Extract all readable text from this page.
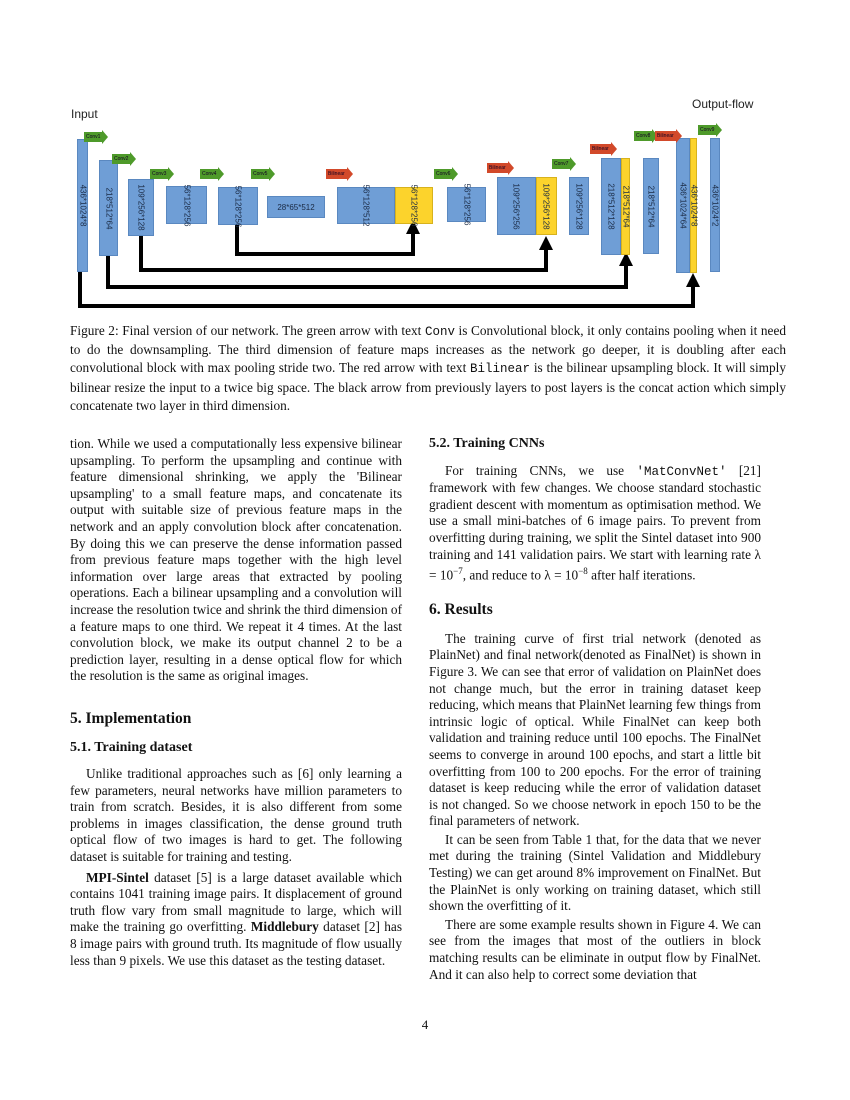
Input
Output-flow
436*1024*8 218*512*64	109*256*128	56*128*256	56*128*256	28*65*512	56*128*512	56*128*256	56*128*256	109*256*256	109*256*128	109*256*128	218*512*128 218*512*64 218*512*64	436*1024*64 436*1024*8 436*1024*2
Conv1
Conv2
Conv3	Conv4	Conv5	Bilinear	Conv6
Bilinear
Conv7
Bilinear
Conv8	Bilinear
Conv9
Figure 2: Final version of our network. The green arrow with text Conv is Convolutional block, it only contains pooling when it need to do the downsampling. The third dimension of feature maps increases as the network go deeper, it is doubling after each convolutional block with max pooling stride two. The red arrow with text Bilinear is the bilinear upsampling block. It will simply bilinear resize the input to a twice big space. The black arrow from previously layers to post layers is the concat action which simply concatenate two layer in third dimension.

tion. While we used a computationally less expensive bilinear upsampling. To perform the upsampling and continue with feature dimensional shrinking, we apply the 'Bilinear upsampling' to a small feature maps, and concatenate its output with suitable size of previous feature maps in the network and an apply convolution block after concatenation. By doing this we can preserve the dense information passed from previous feature maps together with the high level information over large areas that extracted by pooling operations. Each a bilinear upsampling and a convolution will increase the resolution twice and shrink the third dimension of a feature maps to one third. We repeat it 4 times. At the last convolution block, we make its output channel 2 to be a prediction layer, resulting in a dense optical flow for which the resolution is the same as original images.

5. Implementation
5.1. Training dataset

Unlike traditional approaches such as [6] only learning a few parameters, neural networks have million parameters to train from scratch. Besides, it is also different from some problems in images classification, the dense ground truth optical flow of two images is hard to get. The following dataset is suitable for training and testing.

MPI-Sintel dataset [5] is a large dataset available which contains 1041 training image pairs. It displacement of ground truth flow vary from small magnitude to large, which will make the training go overfitting. Middlebury dataset [2] has 8 image pairs with ground truth. Its magnitude of flow usually less than 9 pixels. We use this dataset as the testing dataset.

5.2. Training CNNs

For training CNNs, we use 'MatConvNet' [21] framework with few changes. We choose standard stochastic gradient descent with momentum as optimisation method. We use a small mini-batches of 6 image pairs. To prevent from overfitting during training, we split the Sintel dataset into 900 training and 141 validation pairs. We start with learning rate $\lambda = 10^{-7}$, and reduce to $\lambda = 10^{-8}$ after half iterations.

6. Results

The training curve of first trial network (denoted as PlainNet) and final network(denoted as FinalNet) is shown in Figure 3. We can see that error of validation on PlainNet does not change much, but the error in training dataset keep reducing, which means that PlainNet learning few things from intrinsic logic of optical. While FinalNet can keep both validation and training reduce until 100 epochs. The FinalNet seems to converge in around 100 epochs, and start a little bit overfitting from 100 to 200 epochs. For the error of training dataset is keep reducing while the error of validation dataset is not changed. So we choose network in epoch 150 to be the final parameters of network.

It can be seen from Table 1 that, for the data that we never met during the training (Sintel Validation and Middlebury Testing) we can get around 8% improvement on FinalNet. But the PlainNet is only working on training dataset, which still shown the overfitting of it.

There are some example results shown in Figure 4. We can see from the images that most of the outliers in block matching results can be eliminate in output flow by FinalNet. And it can also help to correct some deviation that

4
